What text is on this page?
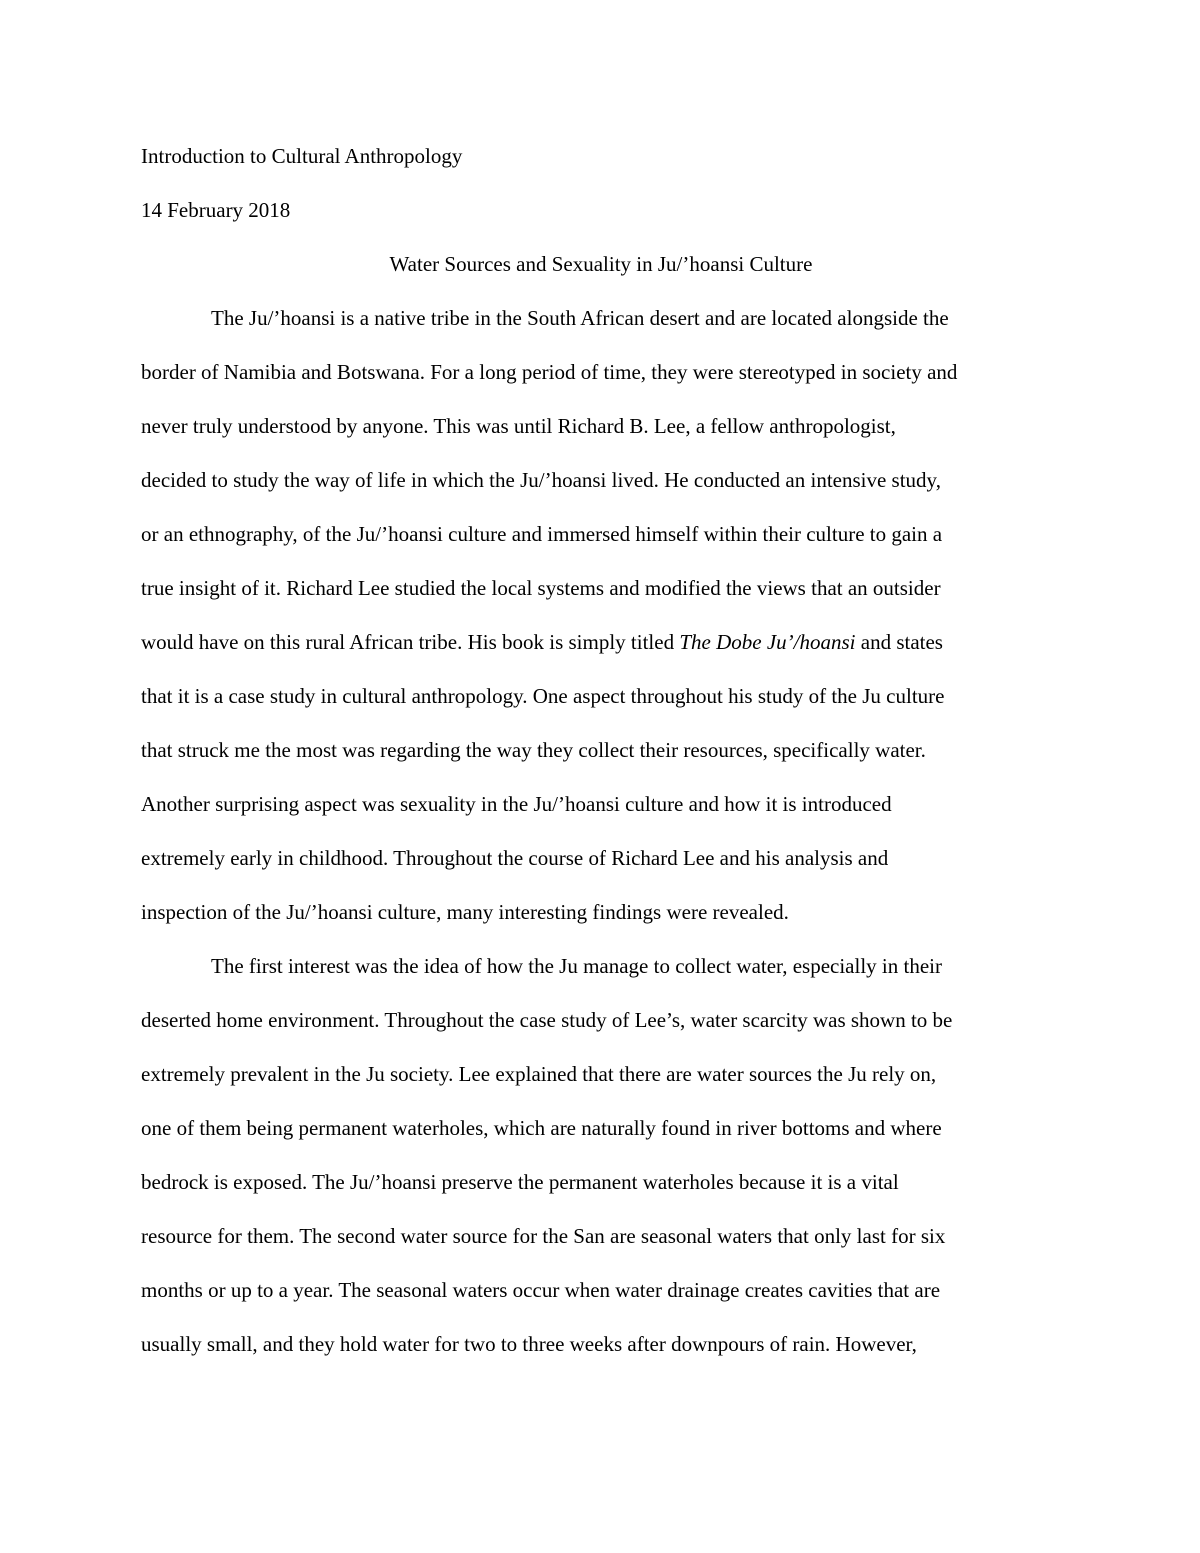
Introduction to Cultural Anthropology
14 February 2018
Water Sources and Sexuality in Ju/’hoansi Culture
The Ju/’hoansi is a native tribe in the South African desert and are located alongside the
border of Namibia and Botswana. For a long period of time, they were stereotyped in society and
never truly understood by anyone. This was until Richard B. Lee, a fellow anthropologist,
decided to study the way of life in which the Ju/’hoansi lived. He conducted an intensive study,
or an ethnography, of the Ju/’hoansi culture and immersed himself within their culture to gain a
true insight of it. Richard Lee studied the local systems and modified the views that an outsider
would have on this rural African tribe. His book is simply titled The Dobe Ju’/hoansi and states
that it is a case study in cultural anthropology. One aspect throughout his study of the Ju culture
that struck me the most was regarding the way they collect their resources, specifically water.
Another surprising aspect was sexuality in the Ju/’hoansi culture and how it is introduced
extremely early in childhood. Throughout the course of Richard Lee and his analysis and
inspection of the Ju/’hoansi culture, many interesting findings were revealed.
The first interest was the idea of how the Ju manage to collect water, especially in their
deserted home environment. Throughout the case study of Lee’s, water scarcity was shown to be
extremely prevalent in the Ju society. Lee explained that there are water sources the Ju rely on,
one of them being permanent waterholes, which are naturally found in river bottoms and where
bedrock is exposed. The Ju/’hoansi preserve the permanent waterholes because it is a vital
resource for them. The second water source for the San are seasonal waters that only last for six
months or up to a year. The seasonal waters occur when water drainage creates cavities that are
usually small, and they hold water for two to three weeks after downpours of rain. However,
